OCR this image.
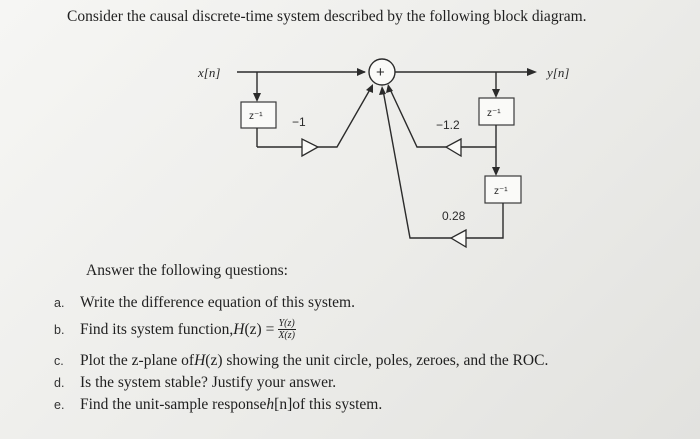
Consider the causal discrete-time system described by the following block diagram.
x[n]
z⁻¹ −1
+	y[n]
z⁻¹
−1.2
z⁻¹
0.28
Answer the following questions:
a.	Write the difference equation of this system.
b.	Find its system function, H $(z) = \frac{Y(z)}{X(z)}$
c.	Plot the z-plane of H (z) showing the unit circle, poles, zeroes, and the ROC.
d.	Is the system stable? Justify your answer.
e.	Find the unit-sample response h [n] of this system.
